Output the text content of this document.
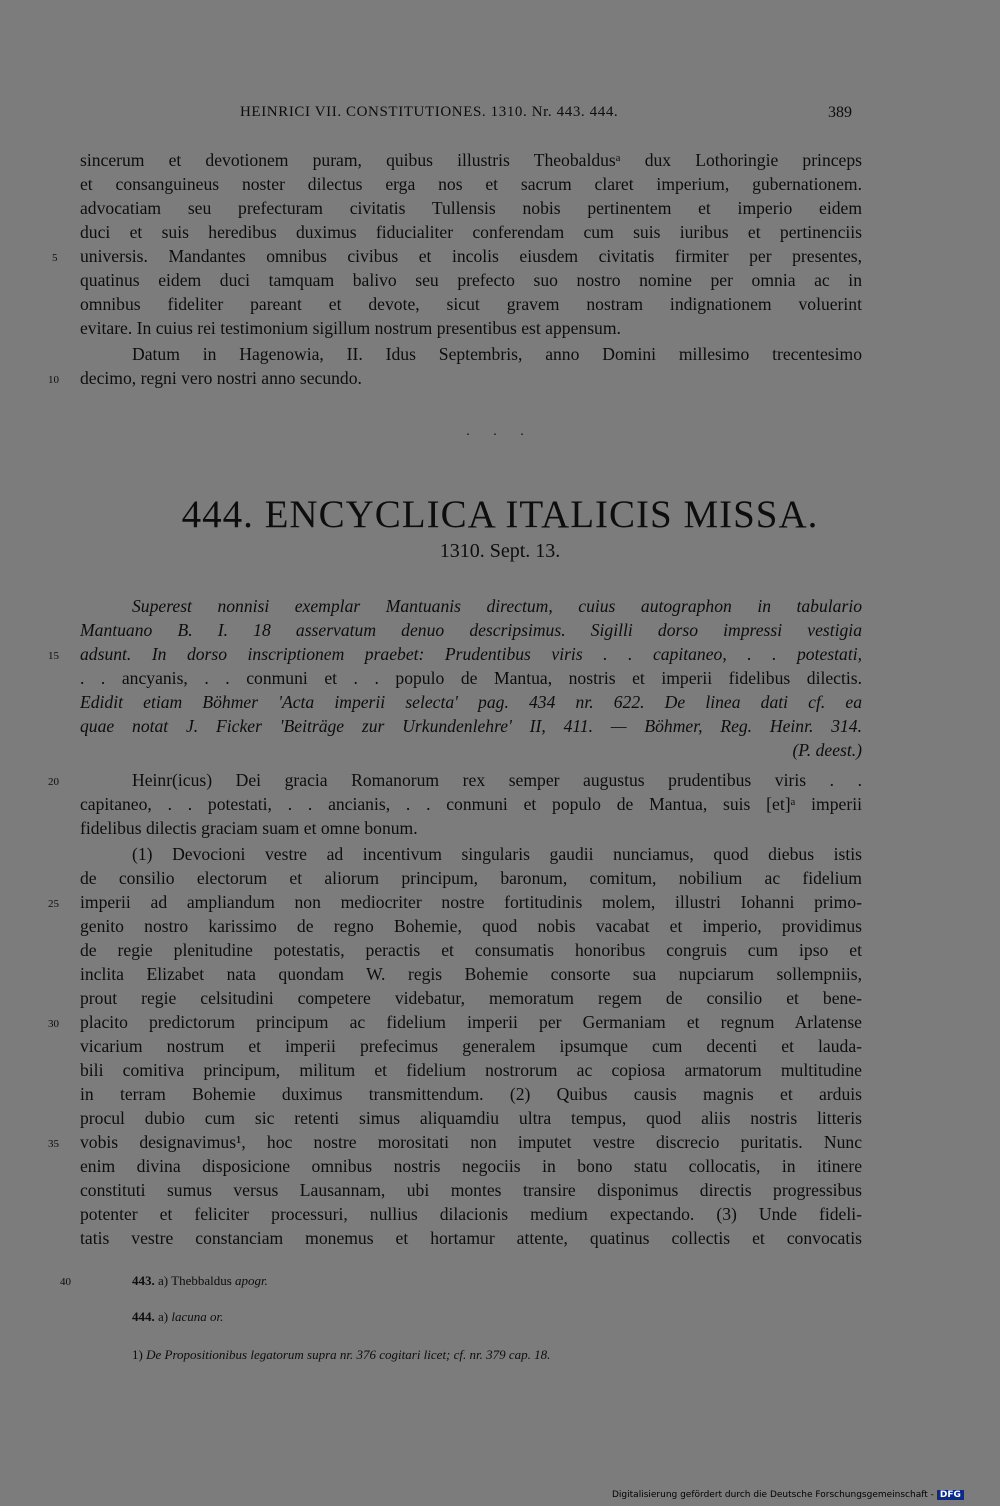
HEINRICI VII. CONSTITUTIONES. 1310. Nr. 443. 444.	389
sincerum et devotionem puram, quibus illustris Theobaldusᵃ dux Lothoringie princeps
et consanguineus noster dilectus erga nos et sacrum claret imperium, gubernationem.
advocatiam seu prefecturam civitatis Tullensis nobis pertinentem et imperio eidem
duci et suis heredibus duximus fiducialiter conferendam cum suis iuribus et pertinenciis
universis. Mandantes omnibus civibus et incolis eiusdem civitatis firmiter per presentes,
quatinus eidem duci tamquam balivo seu prefecto suo nostro nomine per omnia ac in
omnibus fideliter pareant et devote, sicut gravem nostram indignationem voluerint
evitare. In cuius rei testimonium sigillum nostrum presentibus est appensum.
Datum in Hagenowia, II. Idus Septembris, anno Domini millesimo trecentesimo
decimo, regni vero nostri anno secundo.
. . .
444. ENCYCLICA ITALICIS MISSA.
1310. Sept. 13.
Superest nonnisi exemplar Mantuanis directum, cuius autographon in tabulario
Mantuano B. I. 18 asservatum denuo descripsimus. Sigilli dorso impressi vestigia
adsunt. In dorso inscriptionem praebet: Prudentibus viris . . capitaneo, . . potestati,
. . ancyanis, . . conmuni et . . populo de Mantua, nostris et imperii fidelibus dilectis.
Edidit etiam Böhmer 'Acta imperii selecta' pag. 434 nr. 622. De linea dati cf. ea
quae notat J. Ficker 'Beiträge zur Urkundenlehre' II, 411. — Böhmer, Reg. Heinr. 314.
(P. deest.)
Heinr(icus) Dei gracia Romanorum rex semper augustus prudentibus viris . .
capitaneo, . . potestati, . . ancianis, . . conmuni et populo de Mantua, suis [et]ᵃ imperii
fidelibus dilectis graciam suam et omne bonum.
(1) Devocioni vestre ad incentivum singularis gaudii nunciamus, quod diebus istis
de consilio electorum et aliorum principum, baronum, comitum, nobilium ac fidelium
imperii ad ampliandum non mediocriter nostre fortitudinis molem, illustri Iohanni primo-
genito nostro karissimo de regno Bohemie, quod nobis vacabat et imperio, providimus
de regie plenitudine potestatis, peractis et consumatis honoribus congruis cum ipso et
inclita Elizabet nata quondam W. regis Bohemie consorte sua nupciarum sollempniis,
prout regie celsitudini competere videbatur, memoratum regem de consilio et bene-
placito predictorum principum ac fidelium imperii per Germaniam et regnum Arlatense
vicarium nostrum et imperii prefecimus generalem ipsumque cum decenti et lauda-
bili comitiva principum, militum et fidelium nostrorum ac copiosa armatorum multitudine
in terram Bohemie duximus transmittendum. (2) Quibus causis magnis et arduis
procul dubio cum sic retenti simus aliquamdiu ultra tempus, quod aliis nostris litteris
vobis designavimus¹, hoc nostre morositati non imputet vestre discrecio puritatis. Nunc
enim divina disposicione omnibus nostris negociis in bono statu collocatis, in itinere
constituti sumus versus Lausannam, ubi montes transire disponimus directis progressibus
potenter et feliciter processuri, nullius dilacionis medium expectando. (3) Unde fideli-
tatis vestre constanciam monemus et hortamur attente, quatinus collectis et convocatis
5
10
15
20
25
30
35
40	443. a) Thebbaldus apogr.
444. a) lacuna or.
1) De Propositionibus legatorum supra nr. 376 cogitari licet; cf. nr. 379 cap. 18.
Digitalisierung gefördert durch die Deutsche Forschungsgemeinschaft - DFG
